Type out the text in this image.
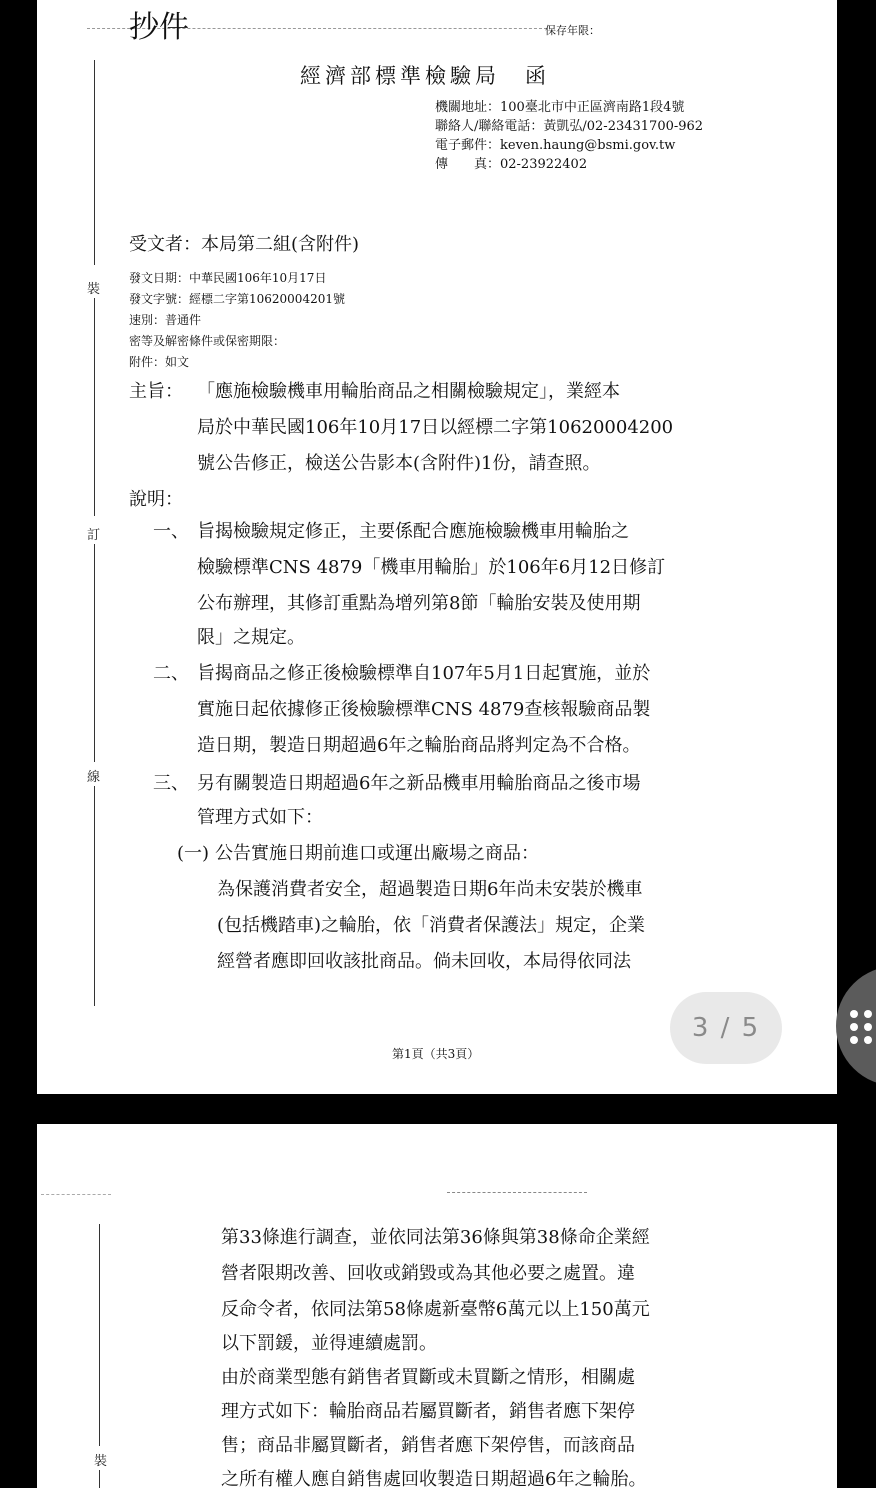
抄件	保存年限：
經濟部標準檢驗局　函
機關地址：100臺北市中正區濟南路1段4號
聯絡人/聯絡電話：黃凱弘/02-23431700-962
電子郵件：keven.haung@bsmi.gov.tw
傳　　真：02-23922402
裝
訂
線
受文者：本局第二組(含附件)
發文日期：中華民國106年10月17日
發文字號：經標二字第10620004201號
速別：普通件
密等及解密條件或保密期限：
附件：如文
主旨： 「應施檢驗機車用輪胎商品之相關檢驗規定」，業經本
局於中華民國106年10月17日以經標二字第10620004200
號公告修正，檢送公告影本(含附件)1份，請查照。
說明：
一、 旨揭檢驗規定修正，主要係配合應施檢驗機車用輪胎之
檢驗標準CNS 4879「機車用輪胎」於106年6月12日修訂
公布辦理，其修訂重點為增列第8節「輪胎安裝及使用期
限」之規定。
二、 旨揭商品之修正後檢驗標準自107年5月1日起實施，並於
實施日起依據修正後檢驗標準CNS 4879查核報驗商品製
造日期，製造日期超過6年之輪胎商品將判定為不合格。
三、 另有關製造日期超過6年之新品機車用輪胎商品之後市場
管理方式如下：
(一) 公告實施日期前進口或運出廠場之商品：
為保護消費者安全，超過製造日期6年尚未安裝於機車
(包括機踏車)之輪胎，依「消費者保護法」規定，企業
經營者應即回收該批商品。倘未回收，本局得依同法
第1頁（共3頁）
裝
第33條進行調查，並依同法第36條與第38條命企業經
營者限期改善、回收或銷毀或為其他必要之處置。違
反命令者，依同法第58條處新臺幣6萬元以上150萬元
以下罰鍰，並得連續處罰。
由於商業型態有銷售者買斷或未買斷之情形，相關處
理方式如下：輪胎商品若屬買斷者，銷售者應下架停
售；商品非屬買斷者，銷售者應下架停售，而該商品
之所有權人應自銷售處回收製造日期超過6年之輪胎。
3 / 5
